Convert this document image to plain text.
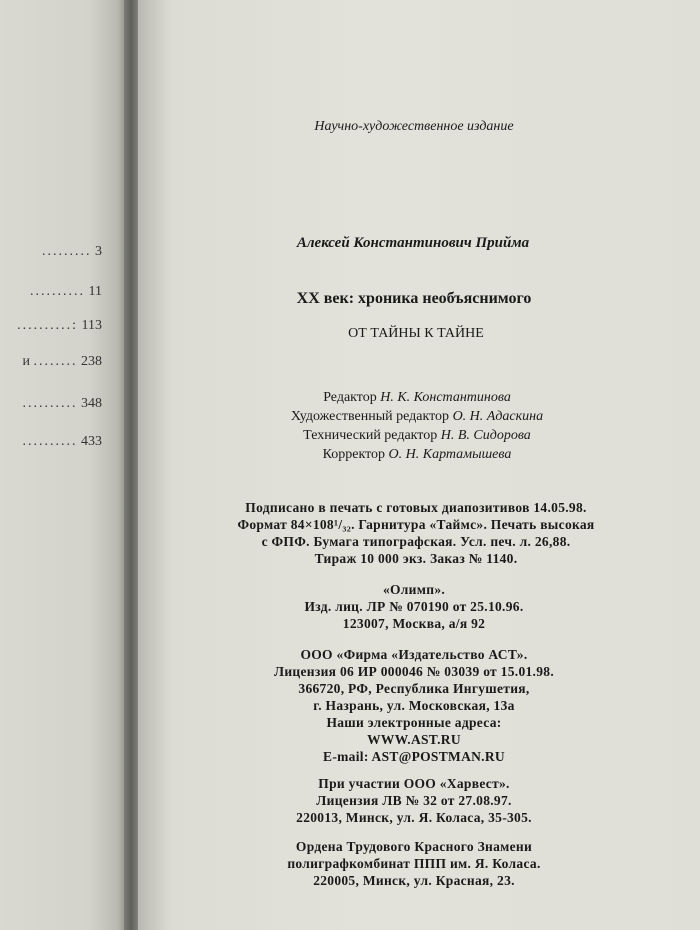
......... 3
.......... 11
..........: 113
и ........ 238
.......... 348
.......... 433
Научно-художественное издание
Алексей Константинович Прийма
XX век: хроника необъяснимого
ОТ ТАЙНЫ К ТАЙНЕ
Редактор Н. К. Константинова
Художественный редактор О. Н. Адаскина
Технический редактор Н. В. Сидорова
Корректор О. Н. Картамышева
Подписано в печать с готовых диапозитивов 14.05.98.
Формат 84×108¹/₃₂. Гарнитура «Таймс». Печать высокая
с ФПФ. Бумага типографская. Усл. печ. л. 26,88.
Тираж 10 000 экз. Заказ № 1140.
«Олимп».
Изд. лиц. ЛР № 070190 от 25.10.96.
123007, Москва, а/я 92
ООО «Фирма «Издательство АСТ».
Лицензия 06 ИР 000046 № 03039 от 15.01.98.
366720, РФ, Республика Ингушетия,
г. Назрань, ул. Московская, 13а
Наши электронные адреса:
WWW.AST.RU
E-mail: AST@POSTMAN.RU
При участии ООО «Харвест».
Лицензия ЛВ № 32 от 27.08.97.
220013, Минск, ул. Я. Коласа, 35-305.
Ордена Трудового Красного Знамени
полиграфкомбинат ППП им. Я. Коласа.
220005, Минск, ул. Красная, 23.
